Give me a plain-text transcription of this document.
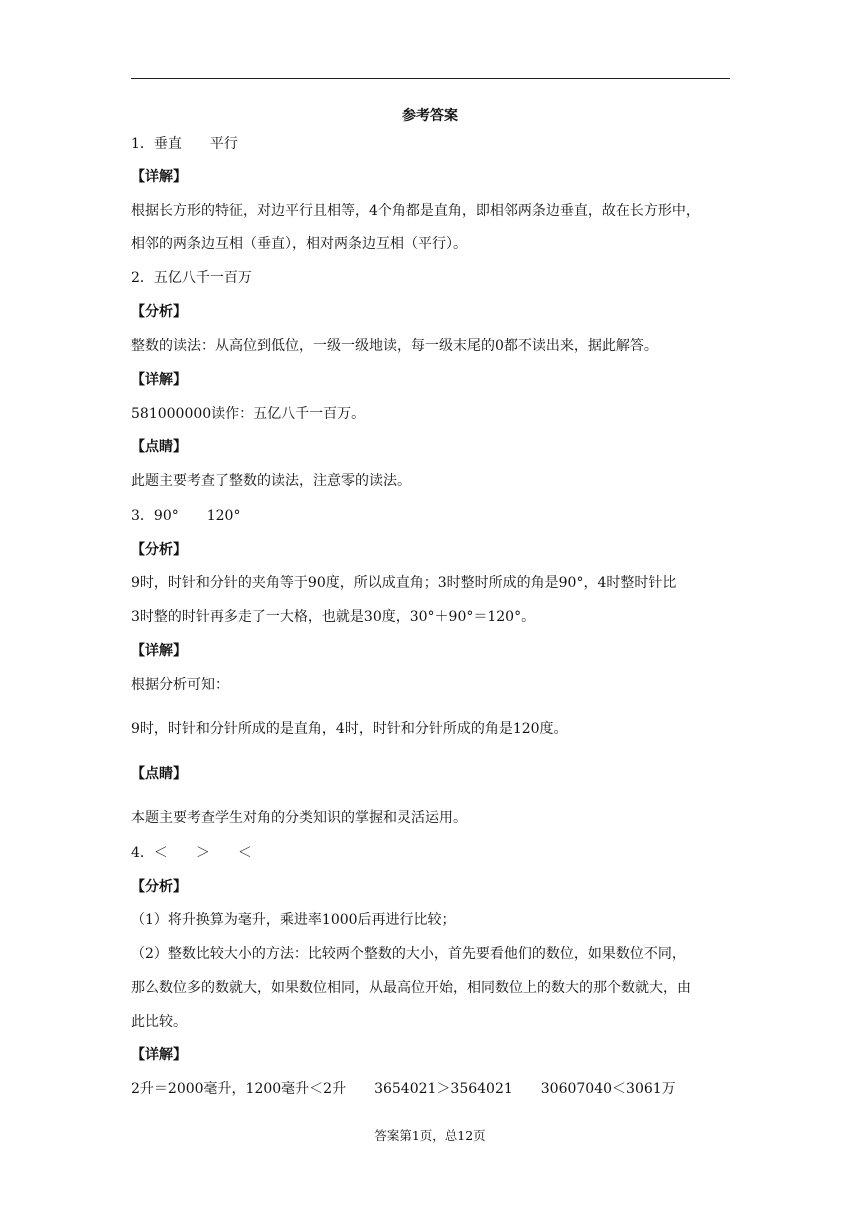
参考答案
1．垂直　　平行
【详解】
根据长方形的特征，对边平行且相等，4个角都是直角，即相邻两条边垂直，故在长方形中，
相邻的两条边互相（垂直），相对两条边互相（平行）。
2．五亿八千一百万
【分析】
整数的读法：从高位到低位，一级一级地读，每一级末尾的0都不读出来，据此解答。
【详解】
581000000读作：五亿八千一百万。
【点睛】
此题主要考查了整数的读法，注意零的读法。
3．90°　　120°
【分析】
9时，时针和分针的夹角等于90度，所以成直角；3时整时所成的角是90°，4时整时针比
3时整的时针再多走了一大格，也就是30度，30°＋90°＝120°。
【详解】
根据分析可知：
9时，时针和分针所成的是直角，4时，时针和分针所成的角是120度。
【点睛】
本题主要考查学生对角的分类知识的掌握和灵活运用。
4．＜　　＞　　＜
【分析】
（1）将升换算为毫升，乘进率1000后再进行比较；
（2）整数比较大小的方法：比较两个整数的大小，首先要看他们的数位，如果数位不同，
那么数位多的数就大，如果数位相同，从最高位开始，相同数位上的数大的那个数就大，由
此比较。
【详解】
2升＝2000毫升，1200毫升＜2升　　3654021＞3564021　　30607040＜3061万
答案第1页，总12页
